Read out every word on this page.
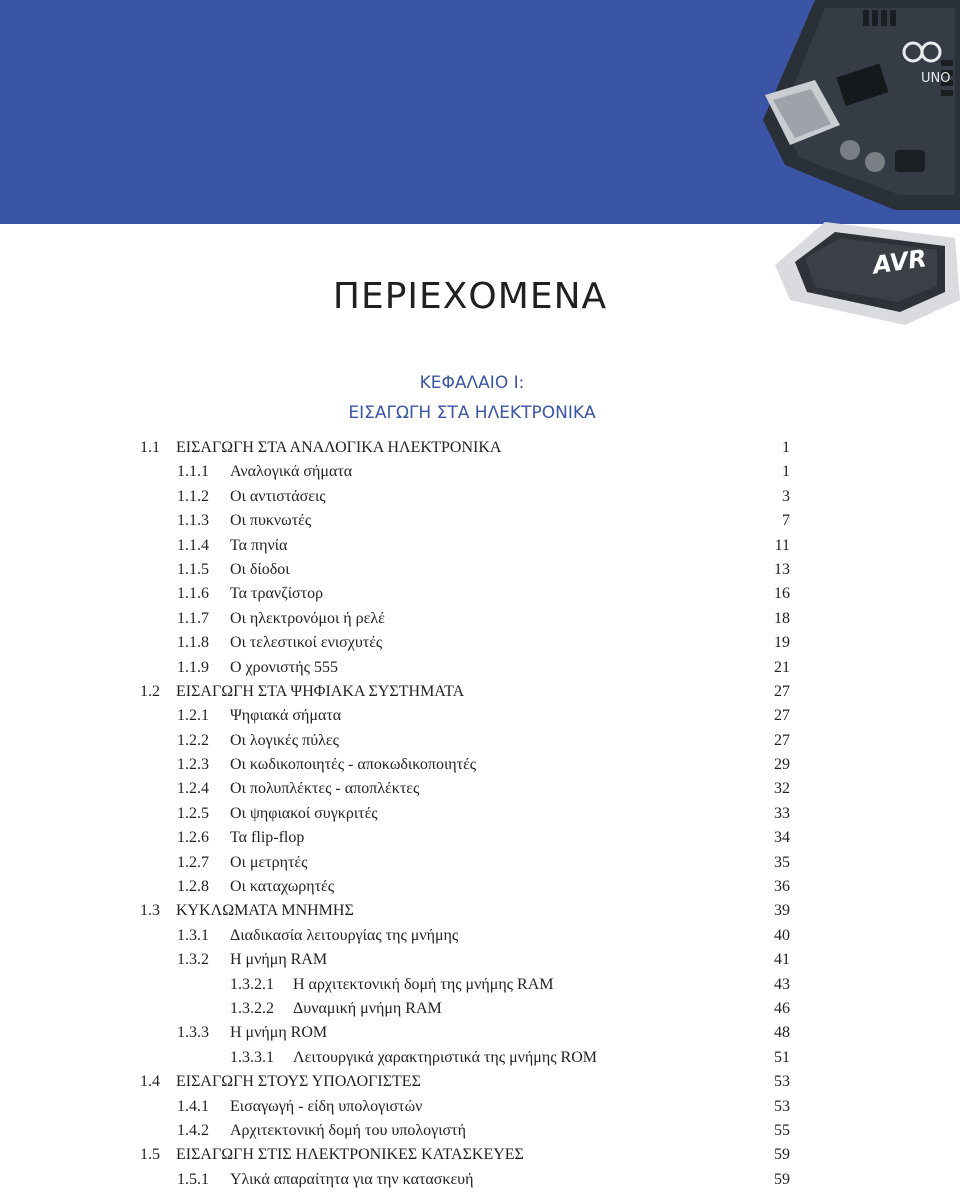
UNO
AVR
ΠΕΡΙΕΧΟΜΕΝΑ
ΚΕΦΑΛΑΙΟ I:
ΕΙΣΑΓΩΓΗ ΣΤΑ ΗΛΕΚΤΡΟΝΙΚΑ
1.1 ΕΙΣΑΓΩΓΗ ΣΤΑ ΑΝΑΛΟΓΙΚΑ ΗΛΕΚΤΡΟΝΙΚΑ	1
1.1.1 Αναλογικά σήματα	1
1.1.2 Οι αντιστάσεις	3
1.1.3 Οι πυκνωτές	7
1.1.4 Τα πηνία	11
1.1.5 Οι δίοδοι	13
1.1.6 Τα τρανζίστορ	16
1.1.7 Οι ηλεκτρονόμοι ή ρελέ	18
1.1.8 Οι τελεστικοί ενισχυτές	19
1.1.9 Ο χρονιστής 555	21
1.2 ΕΙΣΑΓΩΓΗ ΣΤΑ ΨΗΦΙΑΚΑ ΣΥΣΤΗΜΑΤΑ	27
1.2.1 Ψηφιακά σήματα	27
1.2.2 Οι λογικές πύλες	27
1.2.3 Οι κωδικοποιητές - αποκωδικοποιητές	29
1.2.4 Οι πολυπλέκτες - αποπλέκτες	32
1.2.5 Οι ψηφιακοί συγκριτές	33
1.2.6 Τα flip-flop	34
1.2.7 Οι μετρητές	35
1.2.8 Οι καταχωρητές	36
1.3 ΚΥΚΛΩΜΑΤΑ ΜΝΗΜΗΣ	39
1.3.1 Διαδικασία λειτουργίας της μνήμης	40
1.3.2 Η μνήμη RAM	41
1.3.2.1 Η αρχιτεκτονική δομή της μνήμης RAM	43
1.3.2.2 Δυναμική μνήμη RAM	46
1.3.3 Η μνήμη ROM	48
1.3.3.1 Λειτουργικά χαρακτηριστικά της μνήμης ROM	51
1.4 ΕΙΣΑΓΩΓΗ ΣΤΟΥΣ ΥΠΟΛΟΓΙΣΤΕΣ	53
1.4.1 Εισαγωγή - είδη υπολογιστών	53
1.4.2 Αρχιτεκτονική δομή του υπολογιστή	55
1.5 ΕΙΣΑΓΩΓΗ ΣΤΙΣ ΗΛΕΚΤΡΟΝΙΚΕΣ ΚΑΤΑΣΚΕΥΕΣ	59
1.5.1 Υλικά απαραίτητα για την κατασκευή	59
